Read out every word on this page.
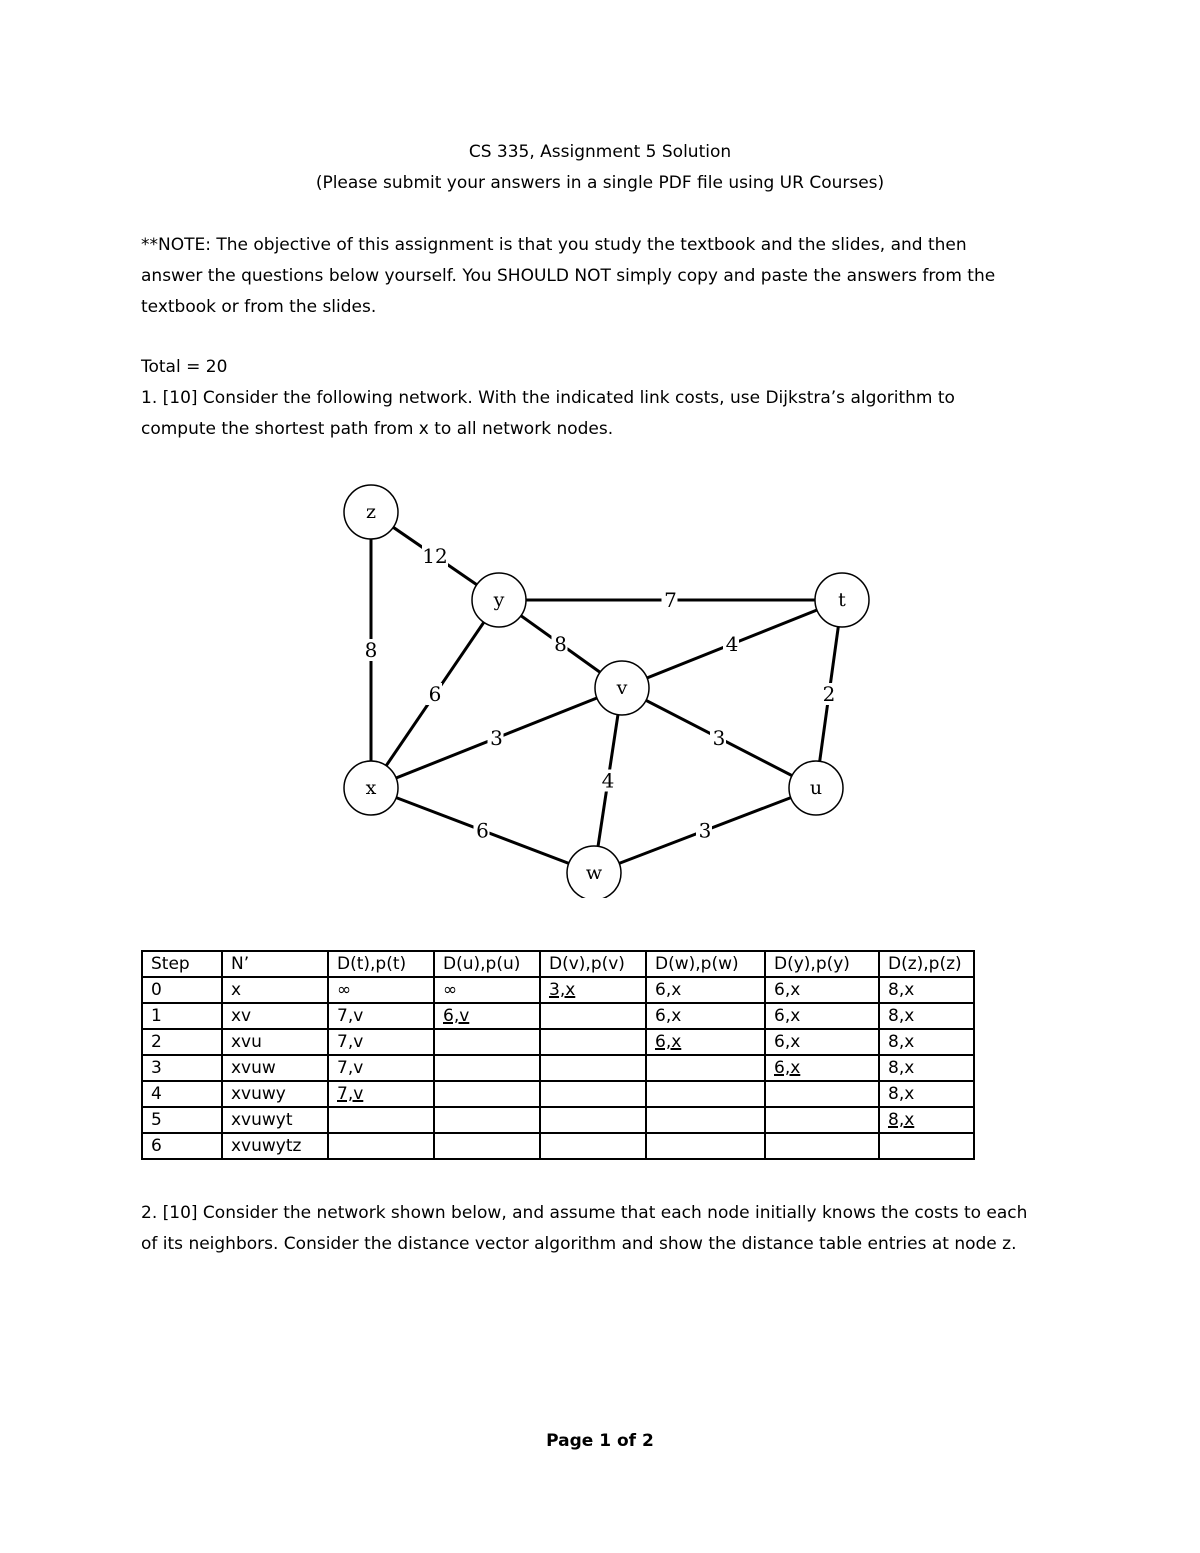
CS 335, Assignment 5 Solution
(Please submit your answers in a single PDF file using UR Courses)
**NOTE: The objective of this assignment is that you study the textbook and the slides, and then
answer the questions below yourself. You SHOULD NOT simply copy and paste the answers from the
textbook or from the slides.
Total = 20
1. [10] Consider the following network. With the indicated link costs, use Dijkstra’s algorithm to
compute the shortest path from x to all network nodes.
12
8
7
8
6
4
2
3	3
4
6	3
z
y	t
v
x	u
w
Step	N’	D(t),p(t)	D(u),p(u)	D(v),p(v)	D(w),p(w)	D(y),p(y)	D(z),p(z)
0	x	∞	∞	3,x	6,x	6,x	8,x
1	xv	7,v	6,v		6,x	6,x	8,x
2	xvu	7,v			6,x	6,x	8,x
3	xvuw	7,v				6,x	8,x
4	xvuwy	7,v					8,x
5	xvuwyt						8,x
6	xvuwytz						
2. [10] Consider the network shown below, and assume that each node initially knows the costs to each
of its neighbors. Consider the distance vector algorithm and show the distance table entries at node z.
Page 1 of 2
